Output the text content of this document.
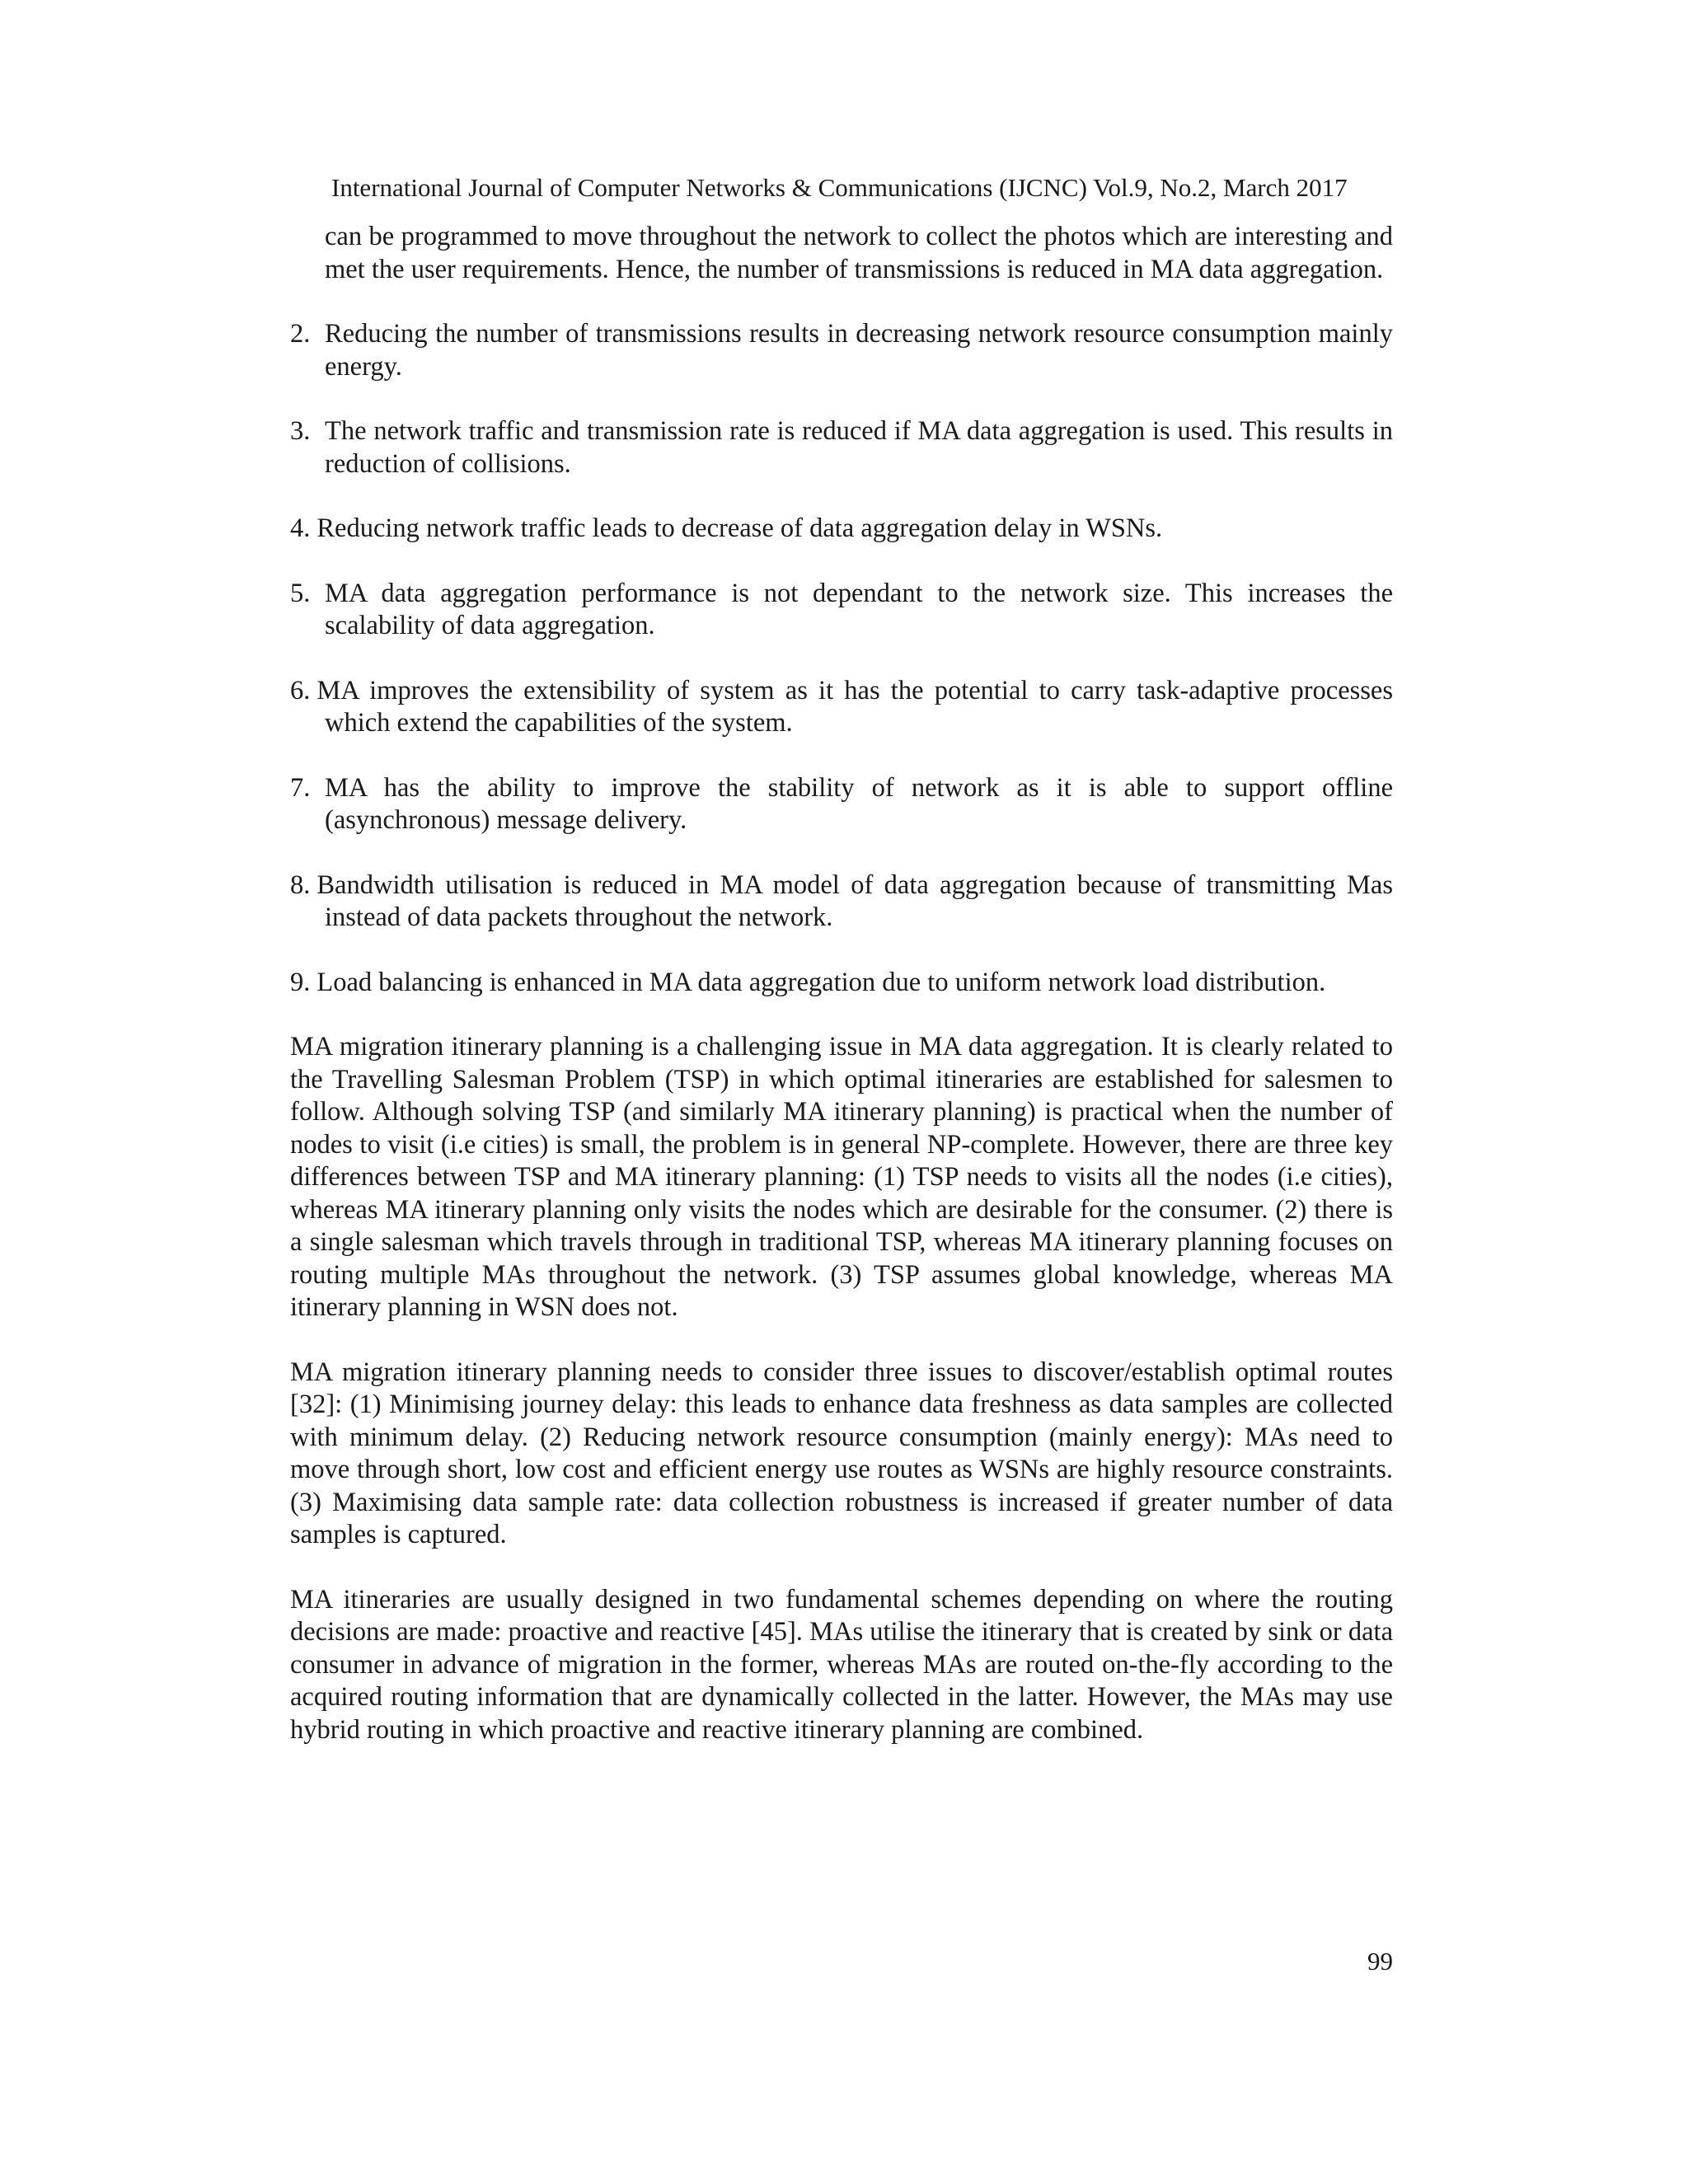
International Journal of Computer Networks & Communications (IJCNC) Vol.9, No.2, March 2017

can be programmed to move throughout the network to collect the photos which are interesting and met the user requirements. Hence, the number of transmissions is reduced in MA data aggregation.

2. Reducing the number of transmissions results in decreasing network resource consumption mainly energy.
3. The network traffic and transmission rate is reduced if MA data aggregation is used. This results in reduction of collisions.
4. Reducing network traffic leads to decrease of data aggregation delay in WSNs.
5. MA data aggregation performance is not dependant to the network size. This increases the scalability of data aggregation.
6. MA improves the extensibility of system as it has the potential to carry task-adaptive processes which extend the capabilities of the system.
7. MA has the ability to improve the stability of network as it is able to support offline (asynchronous) message delivery.
8. Bandwidth utilisation is reduced in MA model of data aggregation because of transmitting Mas instead of data packets throughout the network.
9. Load balancing is enhanced in MA data aggregation due to uniform network load distribution.

MA migration itinerary planning is a challenging issue in MA data aggregation. It is clearly related to the Travelling Salesman Problem (TSP) in which optimal itineraries are established for salesmen to follow. Although solving TSP (and similarly MA itinerary planning) is practical when the number of nodes to visit (i.e cities) is small, the problem is in general NP-complete. However, there are three key differences between TSP and MA itinerary planning: (1) TSP needs to visits all the nodes (i.e cities), whereas MA itinerary planning only visits the nodes which are desirable for the consumer. (2) there is a single salesman which travels through in traditional TSP, whereas MA itinerary planning focuses on routing multiple MAs throughout the network. (3) TSP assumes global knowledge, whereas MA itinerary planning in WSN does not.

MA migration itinerary planning needs to consider three issues to discover/establish optimal routes [32]: (1) Minimising journey delay: this leads to enhance data freshness as data samples are collected with minimum delay. (2) Reducing network resource consumption (mainly energy): MAs need to move through short, low cost and efficient energy use routes as WSNs are highly resource constraints. (3) Maximising data sample rate: data collection robustness is increased if greater number of data samples is captured.

MA itineraries are usually designed in two fundamental schemes depending on where the routing decisions are made: proactive and reactive [45]. MAs utilise the itinerary that is created by sink or data consumer in advance of migration in the former, whereas MAs are routed on-the-fly according to the acquired routing information that are dynamically collected in the latter. However, the MAs may use hybrid routing in which proactive and reactive itinerary planning are combined.

99
